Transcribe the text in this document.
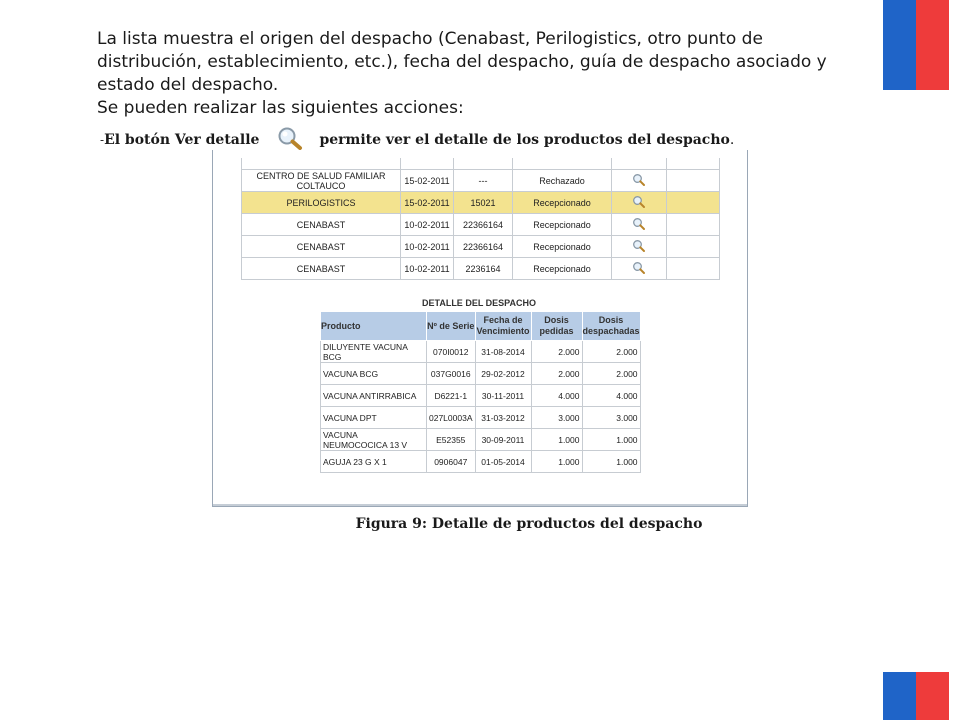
La lista muestra el origen del despacho (Cenabast, Perilogistics, otro punto de distribución, establecimiento, etc.), fecha del despacho, guía de despacho asociado y estado del despacho.

Se pueden realizar las siguientes acciones:

- El botón Ver detalle	permite ver el detalle de los productos del despacho .

CENTRO DE SALUD FAMILIAR COLTAUCO	15-02-2011	---	Rechazado		
PERILOGISTICS	15-02-2011	15021	Recepcionado		
CENABAST	10-02-2011	22366164	Recepcionado		
CENABAST	10-02-2011	22366164	Recepcionado		
CENABAST	10-02-2011	2236164	Recepcionado		
DETALLE DEL DESPACHO
Producto	Nº de Serie	Fecha de Vencimiento	Dosis pedidas	Dosis despachadas
DILUYENTE VACUNA BCG	070I0012	31-08-2014	2.000	2.000
VACUNA BCG	037G0016	29-02-2012	2.000	2.000
VACUNA ANTIRRABICA	D6221-1	30-11-2011	4.000	4.000
VACUNA DPT	027L0003A	31-03-2012	3.000	3.000
VACUNA NEUMOCOCICA 13 V	E52355	30-09-2011	1.000	1.000
AGUJA 23 G X 1	0906047	01-05-2014	1.000	1.000
Figura 9: Detalle de productos del despacho
